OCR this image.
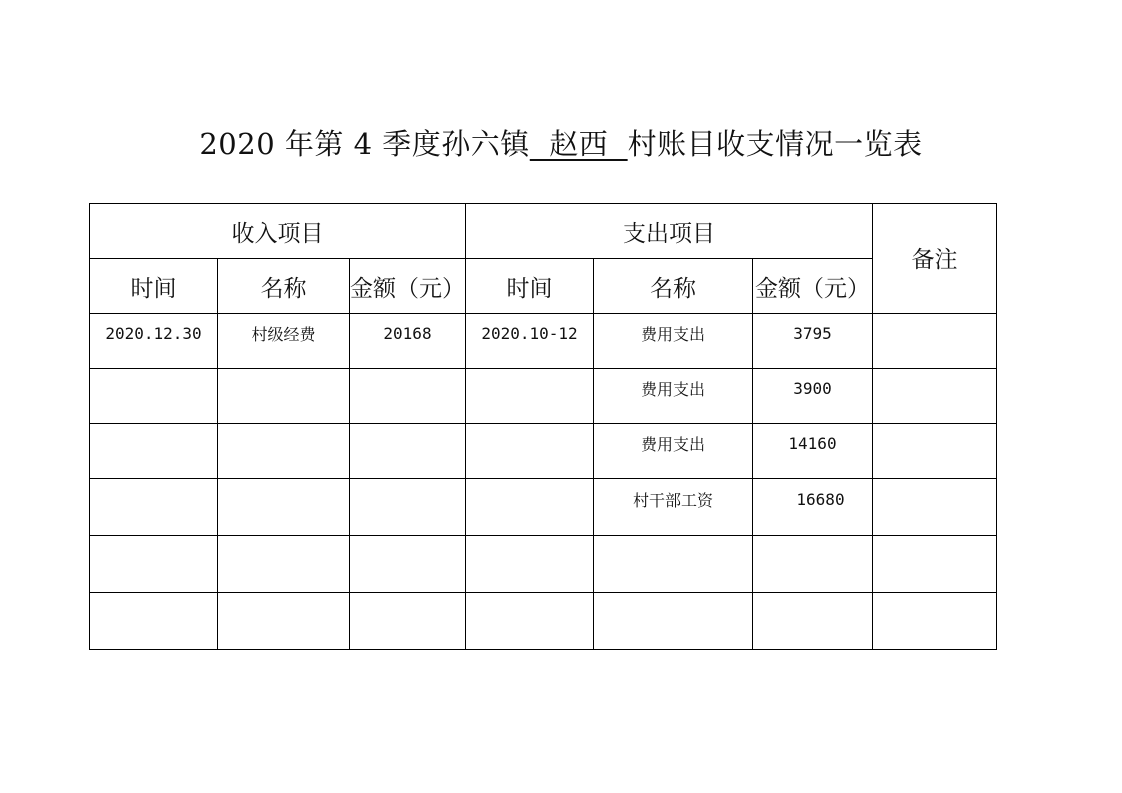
2020 年第 4 季度孙六镇  赵西  村账目收支情况一览表
收入项目			支出项目			备注
时间	名称	金额（元）	时间	名称	金额（元）	
2020.12.30	村级经费	20168	2020.10-12	费用支出	3795	
				费用支出	3900	
				费用支出	14160	
				村干部工资	16680	
